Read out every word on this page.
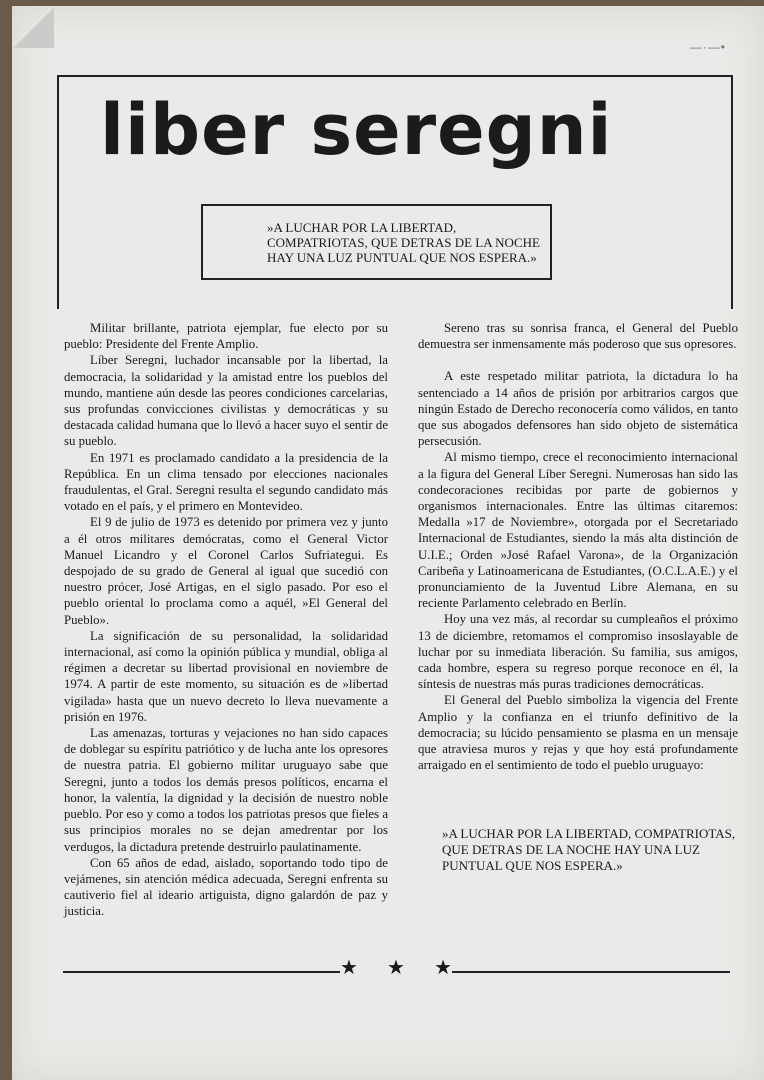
—·—•
liber seregni
»A LUCHAR POR LA LIBERTAD, COMPATRIOTAS, QUE DETRAS DE LA NOCHE HAY UNA LUZ PUNTUAL QUE NOS ESPERA.»

Militar brillante, patriota ejemplar, fue electo por su pueblo: Presidente del Frente Amplio.

Líber Seregni, luchador incansable por la libertad, la democracia, la solidaridad y la amistad entre los pueblos del mundo, mantiene aún desde las peores condiciones carcelarias, sus profundas convicciones civilistas y democráticas y su destacada calidad humana que lo llevó a hacer suyo el sentir de su pueblo.

En 1971 es proclamado candidato a la presidencia de la República. En un clima tensado por elecciones nacionales fraudulentas, el Gral. Seregni resulta el segundo candidato más votado en el país, y el primero en Montevideo.

El 9 de julio de 1973 es detenido por primera vez y junto a él otros militares demócratas, como el General Victor Manuel Licandro y el Coronel Carlos Sufriategui. Es despojado de su grado de General al igual que sucedió con nuestro prócer, José Artigas, en el siglo pasado. Por eso el pueblo oriental lo proclama como a aquél, »El General del Pueblo».

La significación de su personalidad, la solidaridad internacional, así como la opinión pública y mundial, obliga al régimen a decretar su libertad provisional en noviembre de 1974. A partir de este momento, su situación es de »libertad vigilada» hasta que un nuevo decreto lo lleva nuevamente a prisión en 1976.

Las amenazas, torturas y vejaciones no han sido capaces de doblegar su espíritu patriótico y de lucha ante los opresores de nuestra patria. El gobierno militar uruguayo sabe que Seregni, junto a todos los demás presos políticos, encarna el honor, la valentía, la dignidad y la decisión de nuestro noble pueblo. Por eso y como a todos los patriotas presos que fieles a sus principios morales no se dejan amedrentar por los verdugos, la dictadura pretende destruirlo paulatinamente.

Con 65 años de edad, aislado, soportando todo tipo de vejámenes, sin atención médica adecuada, Seregni enfrenta su cautiverio fiel al ideario artiguista, digno galardón de paz y justicia.

Sereno tras su sonrisa franca, el General del Pueblo demuestra ser inmensamente más poderoso que sus opresores.

A este respetado militar patriota, la dictadura lo ha sentenciado a 14 años de prisión por arbitrarios cargos que ningún Estado de Derecho reconocería como válidos, en tanto que sus abogados defensores han sido objeto de sistemática persecusión.

Al mismo tiempo, crece el reconocimiento internacional a la figura del General Líber Seregni. Numerosas han sido las condecoraciones recibidas por parte de gobiernos y organismos internacionales. Entre las últimas citaremos: Medalla »17 de Noviembre», otorgada por el Secretariado Internacional de Estudiantes, siendo la más alta distinción de U.I.E.; Orden »José Rafael Varona», de la Organización Caribeña y Latinoamericana de Estudiantes, (O.C.L.A.E.) y el pronunciamiento de la Juventud Libre Alemana, en su reciente Parlamento celebrado en Berlín.

Hoy una vez más, al recordar su cumpleaños el próximo 13 de diciembre, retomamos el compromiso insoslayable de luchar por su inmediata liberación. Su familia, sus amigos, cada hombre, espera su regreso porque reconoce en él, la síntesis de nuestras más puras tradiciones democráticas.

El General del Pueblo simboliza la vigencia del Frente Amplio y la confianza en el triunfo definitivo de la democracia; su lúcido pensamiento se plasma en un mensaje que atraviesa muros y rejas y que hoy está profundamente arraigado en el sentimiento de todo el pueblo uruguayo:

»A LUCHAR POR LA LIBERTAD, COMPATRIOTAS, QUE DETRAS DE LA NOCHE HAY UNA LUZ PUNTUAL QUE NOS ESPERA.»
★ ★ ★
